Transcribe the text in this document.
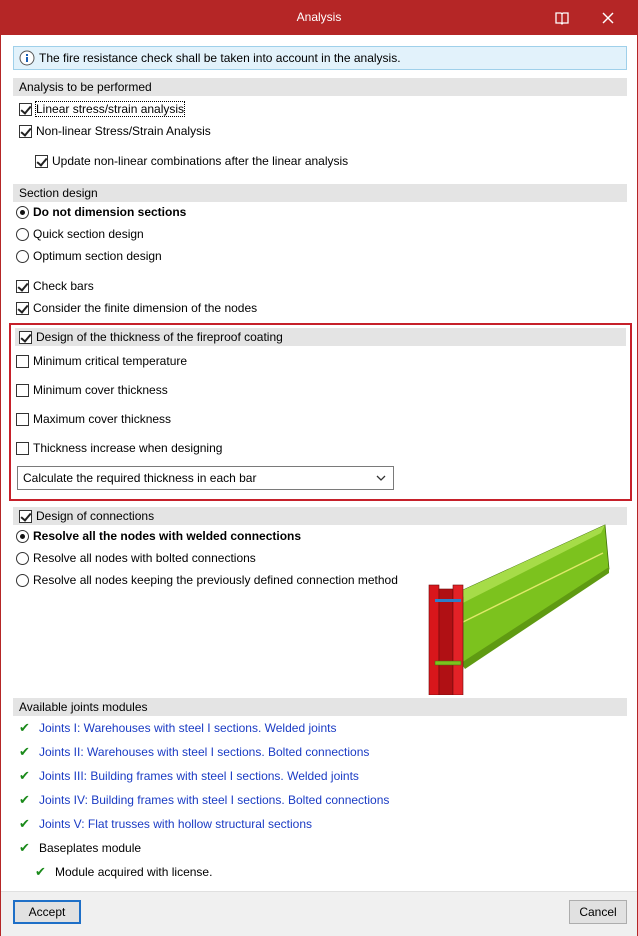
Analysis
The fire resistance check shall be taken into account in the analysis.
Analysis to be performed
Linear stress/strain analysis
Non-linear Stress/Strain Analysis
Update non-linear combinations after the linear analysis
Section design
Do not dimension sections
Quick section design
Optimum section design
Check bars
Consider the finite dimension of the nodes
Design of the thickness of the fireproof coating
Minimum critical temperature
Minimum cover thickness
Maximum cover thickness
Thickness increase when designing
Calculate the required thickness in each bar
Design of connections
Resolve all the nodes with welded connections
Resolve all nodes with bolted connections
Resolve all nodes keeping the previously defined connection method
Available joints modules
✔ Joints I: Warehouses with steel I sections. Welded joints
✔ Joints II: Warehouses with steel I sections. Bolted connections
✔ Joints III: Building frames with steel I sections. Welded joints
✔ Joints IV: Building frames with steel I sections. Bolted connections
✔ Joints V: Flat trusses with hollow structural sections
✔ Baseplates module
✔ Module acquired with license.
Accept	Cancel
